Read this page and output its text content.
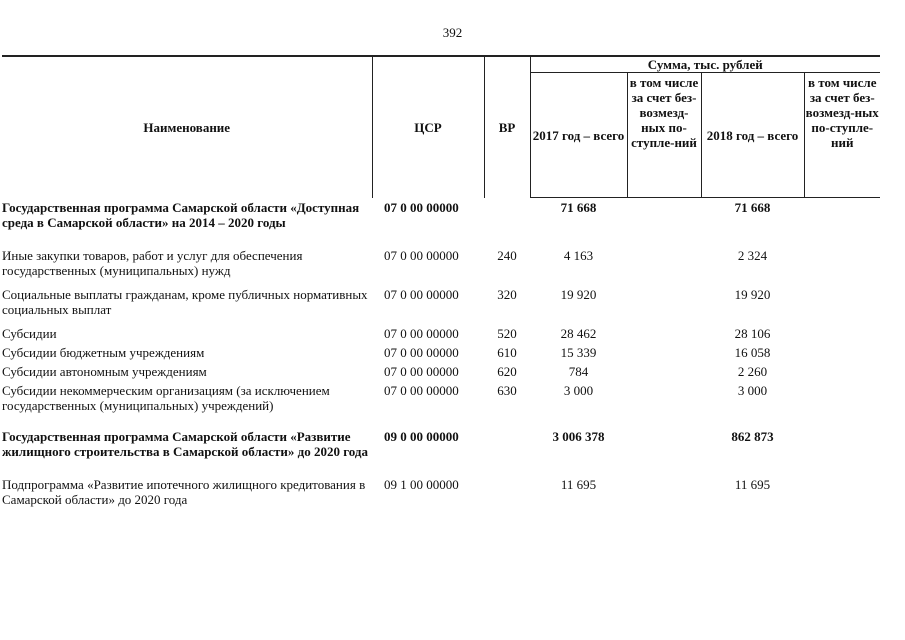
392
Наименование	ЦСР	ВР	Сумма, тыс. рублей			
			2017 год – всего	в том числе за счет без-возмезд-ных по-ступле-ний	2018 год – всего	в том числе за счет без-возмезд-ных по-ступле-ний
Государственная программа Самарской области «Доступная среда в Самарской области» на 2014 – 2020 годы	07 0 00 00000		71 668		71 668	
Иные закупки товаров, работ и услуг для обеспечения государственных (муниципальных) нужд	07 0 00 00000	240	4 163		2 324	
Социальные выплаты гражданам, кроме публичных нормативных социальных выплат	07 0 00 00000	320	19 920		19 920	
Субсидии	07 0 00 00000	520	28 462		28 106	
Субсидии бюджетным учреждениям	07 0 00 00000	610	15 339		16 058	
Субсидии автономным учреждениям	07 0 00 00000	620	784		2 260	
Субсидии некоммерческим организациям (за исключением государственных (муниципальных) учреждений)	07 0 00 00000	630	3 000		3 000	
Государственная программа Самарской области «Развитие жилищного строительства в Самарской области» до 2020 года	09 0 00 00000		3 006 378		862 873	
Подпрограмма «Развитие ипотечного жилищного кредитования в Самарской области» до 2020 года	09 1 00 00000		11 695		11 695	
